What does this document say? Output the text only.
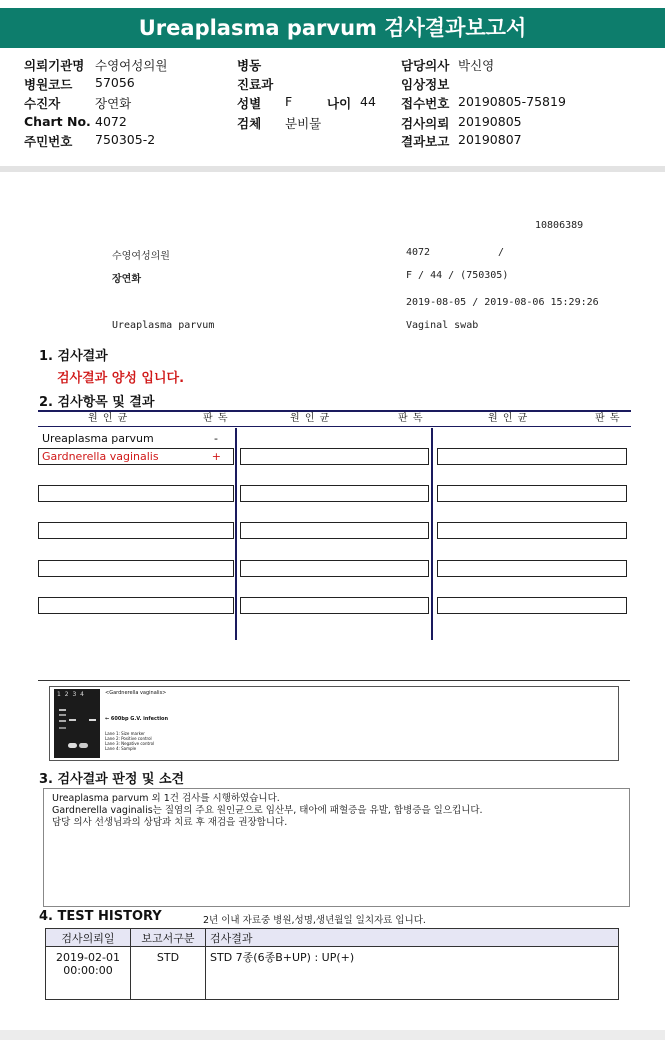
Ureaplasma parvum 검사결과보고서
의뢰기관명 수영여성의원
병원코드 57056
수진자	장연화
Chart No. 4072
주민번호 750305-2
병동
진료과
성별 F	나이 44
검체 분비물
담당의사 박신영
임상정보
접수번호 20190805-75819
검사의뢰 20190805
결과보고 20190807
10806389
수영여성의원	4072	/
장연화	F / 44 / (750305)
2019-08-05 / 2019-08-06 15:29:26
Ureaplasma parvum	Vaginal swab
1. 검사결과
검사결과 양성 입니다.
2. 검사항목 및 결과
원 인 균	판 독	원 인 균	판 독	원 인 균	판 독
Ureaplasma parvum	-
Gardnerella vaginalis	+
1 2 3 4	<Gardnerella vaginalis>
← 600bp G.V. infection
Lane 1: Size marker
Lane 2: Positive control
Lane 3: Negative control
Lane 4: Sample
3. 검사결과 판정 및 소견
Ureaplasma parvum 외 1건 검사를 시행하였습니다.
Gardnerella vaginalis는 질염의 주요 원인균으로 임산부, 태아에 패혈증을 유발, 합병증을 일으킵니다.
담당 의사 선생님과의 상담과 치료 후 재검을 권장합니다.
4. TEST HISTORY	2년 이내 자료중 병원,성명,생년월일 일치자료 입니다.
검사의뢰일	보고서구분	검사결과

2019-02-01
00:00:00	STD	STD 7종(6종B+UP) : UP(+)
